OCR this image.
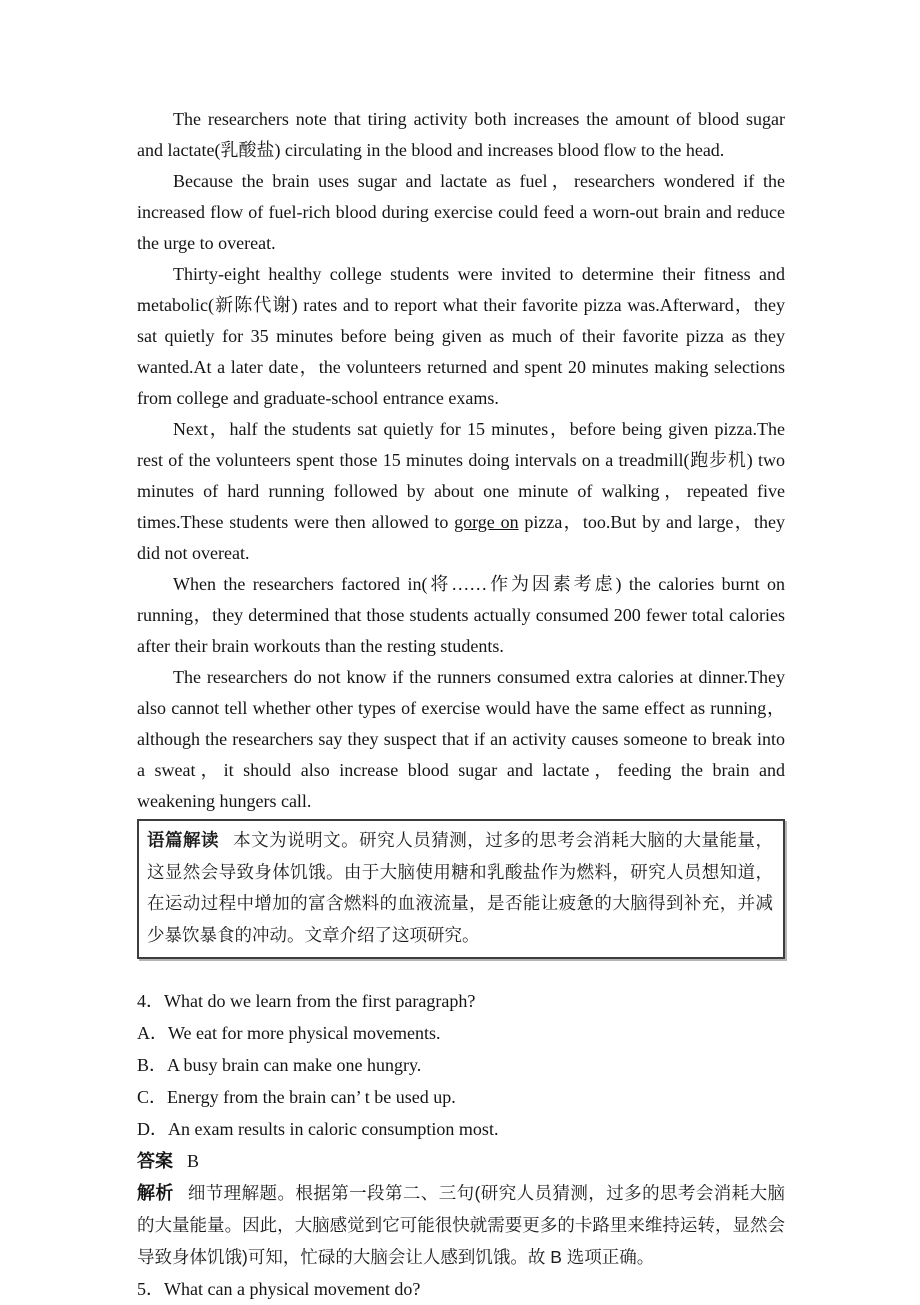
The researchers note that tiring activity both increases the amount of blood sugar and lactate(乳酸盐) circulating in the blood and increases blood flow to the head.

Because the brain uses sugar and lactate as fuel，researchers wondered if the increased flow of fuel-rich blood during exercise could feed a worn-out brain and reduce the urge to overeat.

Thirty-eight healthy college students were invited to determine their fitness and metabolic(新陈代谢) rates and to report what their favorite pizza was.Afterward，they sat quietly for 35 minutes before being given as much of their favorite pizza as they wanted.At a later date，the volunteers returned and spent 20 minutes making selections from college and graduate-school entrance exams.

Next，half the students sat quietly for 15 minutes，before being given pizza.The rest of the volunteers spent those 15 minutes doing intervals on a treadmill(跑步机) two minutes of hard running followed by about one minute of walking，repeated five times.These students were then allowed to gorge on pizza，too.But by and large，they did not overeat.

When the researchers factored in(将……作为因素考虑) the calories burnt on running，they determined that those students actually consumed 200 fewer total calories after their brain workouts than the resting students.

The researchers do not know if the runners consumed extra calories at dinner.They also cannot tell whether other types of exercise would have the same effect as running，although the researchers say they suspect that if an activity causes someone to break into a sweat，it should also increase blood sugar and lactate，feeding the brain and weakening hungers call.

语篇解读 本文为说明文。研究人员猜测，过多的思考会消耗大脑的大量能量，这显然会导致身体饥饿。由于大脑使用糖和乳酸盐作为燃料，研究人员想知道，在运动过程中增加的富含燃料的血液流量，是否能让疲惫的大脑得到补充，并减少暴饮暴食的冲动。文章介绍了这项研究。
4．What do we learn from the first paragraph?
A．We eat for more physical movements.
B．A busy brain can make one hungry.
C．Energy from the brain can’ t be used up.
D．An exam results in caloric consumption most.
答案 B
解析 细节理解题。根据第一段第二、三句(研究人员猜测，过多的思考会消耗大脑的大量能量。因此，大脑感觉到它可能很快就需要更多的卡路里来维持运转，显然会导致身体饥饿)可知，忙碌的大脑会让人感到饥饿。故 B 选项正确。
5．What can a physical movement do?
